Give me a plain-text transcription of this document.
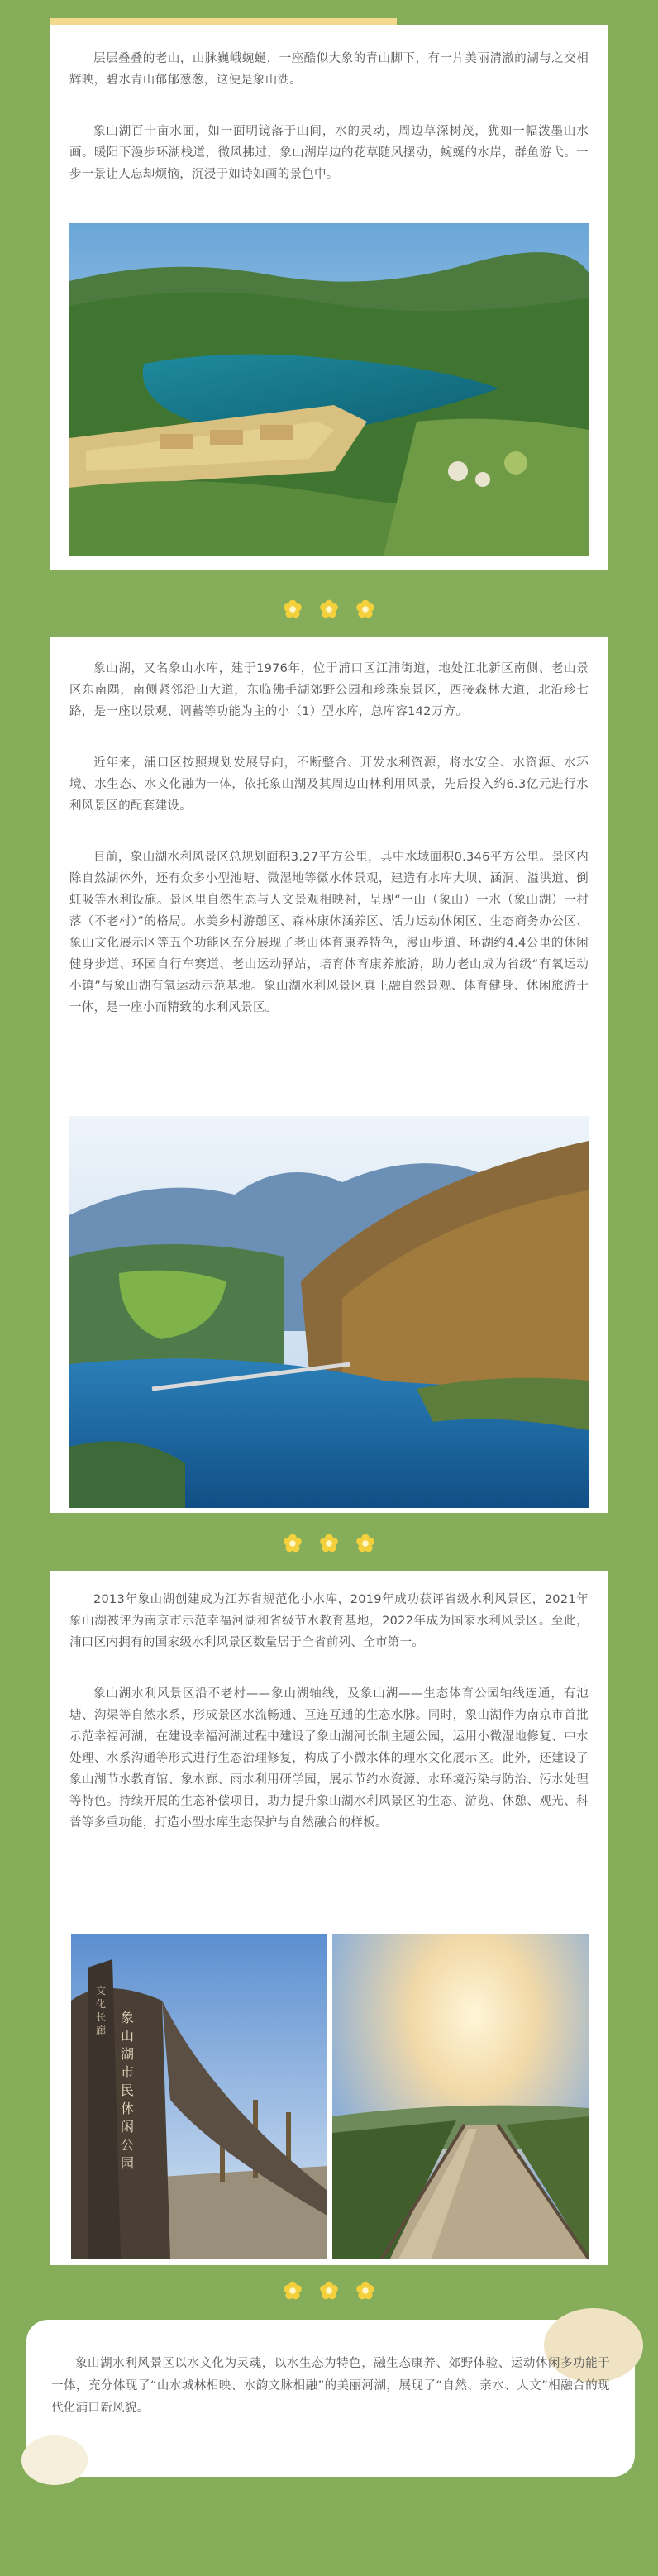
层层叠叠的老山，山脉巍峨蜿蜒，一座酷似大象的青山脚下，有一片美丽清澈的湖与之交相辉映，碧水青山郁郁葱葱，这便是象山湖。

象山湖百十亩水面，如一面明镜落于山间，水的灵动，周边草深树茂，犹如一幅泼墨山水画。暖阳下漫步环湖栈道，微风拂过，象山湖岸边的花草随风摆动，蜿蜒的水岸，群鱼游弋。一步一景让人忘却烦恼，沉浸于如诗如画的景色中。

象山湖，又名象山水库，建于1976年，位于浦口区江浦街道，地处江北新区南侧、老山景区东南隅，南侧紧邻沿山大道，东临佛手湖郊野公园和珍珠泉景区，西接森林大道，北沿珍七路，是一座以景观、调蓄等功能为主的小（1）型水库，总库容142万方。

近年来，浦口区按照规划发展导向，不断整合、开发水利资源，将水安全、水资源、水环境、水生态、水文化融为一体，依托象山湖及其周边山林利用风景，先后投入约6.3亿元进行水利风景区的配套建设。

目前，象山湖水利风景区总规划面积3.27平方公里，其中水域面积0.346平方公里。景区内除自然湖体外，还有众多小型池塘、微湿地等微水体景观，建造有水库大坝、涵洞、溢洪道、倒虹吸等水利设施。景区里自然生态与人文景观相映衬，呈现“一山（象山）一水（象山湖）一村落（不老村）”的格局。水美乡村游憩区、森林康体涵养区、活力运动休闲区、生态商务办公区、象山文化展示区等五个功能区充分展现了老山体育康养特色，漫山步道、环湖约4.4公里的休闲健身步道、环园自行车赛道、老山运动驿站，培育体育康养旅游，助力老山成为省级“有氧运动小镇”与象山湖有氧运动示范基地。象山湖水利风景区真正融自然景观、体育健身、休闲旅游于一体，是一座小而精致的水利风景区。

2013年象山湖创建成为江苏省规范化小水库，2019年成功获评省级水利风景区，2021年象山湖被评为南京市示范幸福河湖和省级节水教育基地，2022年成为国家水利风景区。至此，浦口区内拥有的国家级水利风景区数量居于全省前列、全市第一。

象山湖水利风景区沿不老村——象山湖轴线，及象山湖——生态体育公园轴线连通，有池塘、沟渠等自然水系，形成景区水流畅通、互连互通的生态水脉。同时，象山湖作为南京市首批示范幸福河湖，在建设幸福河湖过程中建设了象山湖河长制主题公园，运用小微湿地修复、中水处理、水系沟通等形式进行生态治理修复，构成了小微水体的理水文化展示区。此外，还建设了象山湖节水教育馆、象水廊、雨水利用研学园，展示节约水资源、水环境污染与防治、污水处理等特色。持续开展的生态补偿项目，助力提升象山湖水利风景区的生态、游览、休憩、观光、科普等多重功能，打造小型水库生态保护与自然融合的样板。

象山湖市民休闲公园
文化长廊

象山湖水利风景区以水文化为灵魂，以水生态为特色，融生态康养、郊野体验、运动休闲多功能于一体，充分体现了“山水城林相映、水韵文脉相融”的美丽河湖，展现了“自然、亲水、人文”相融合的现代化浦口新风貌。
